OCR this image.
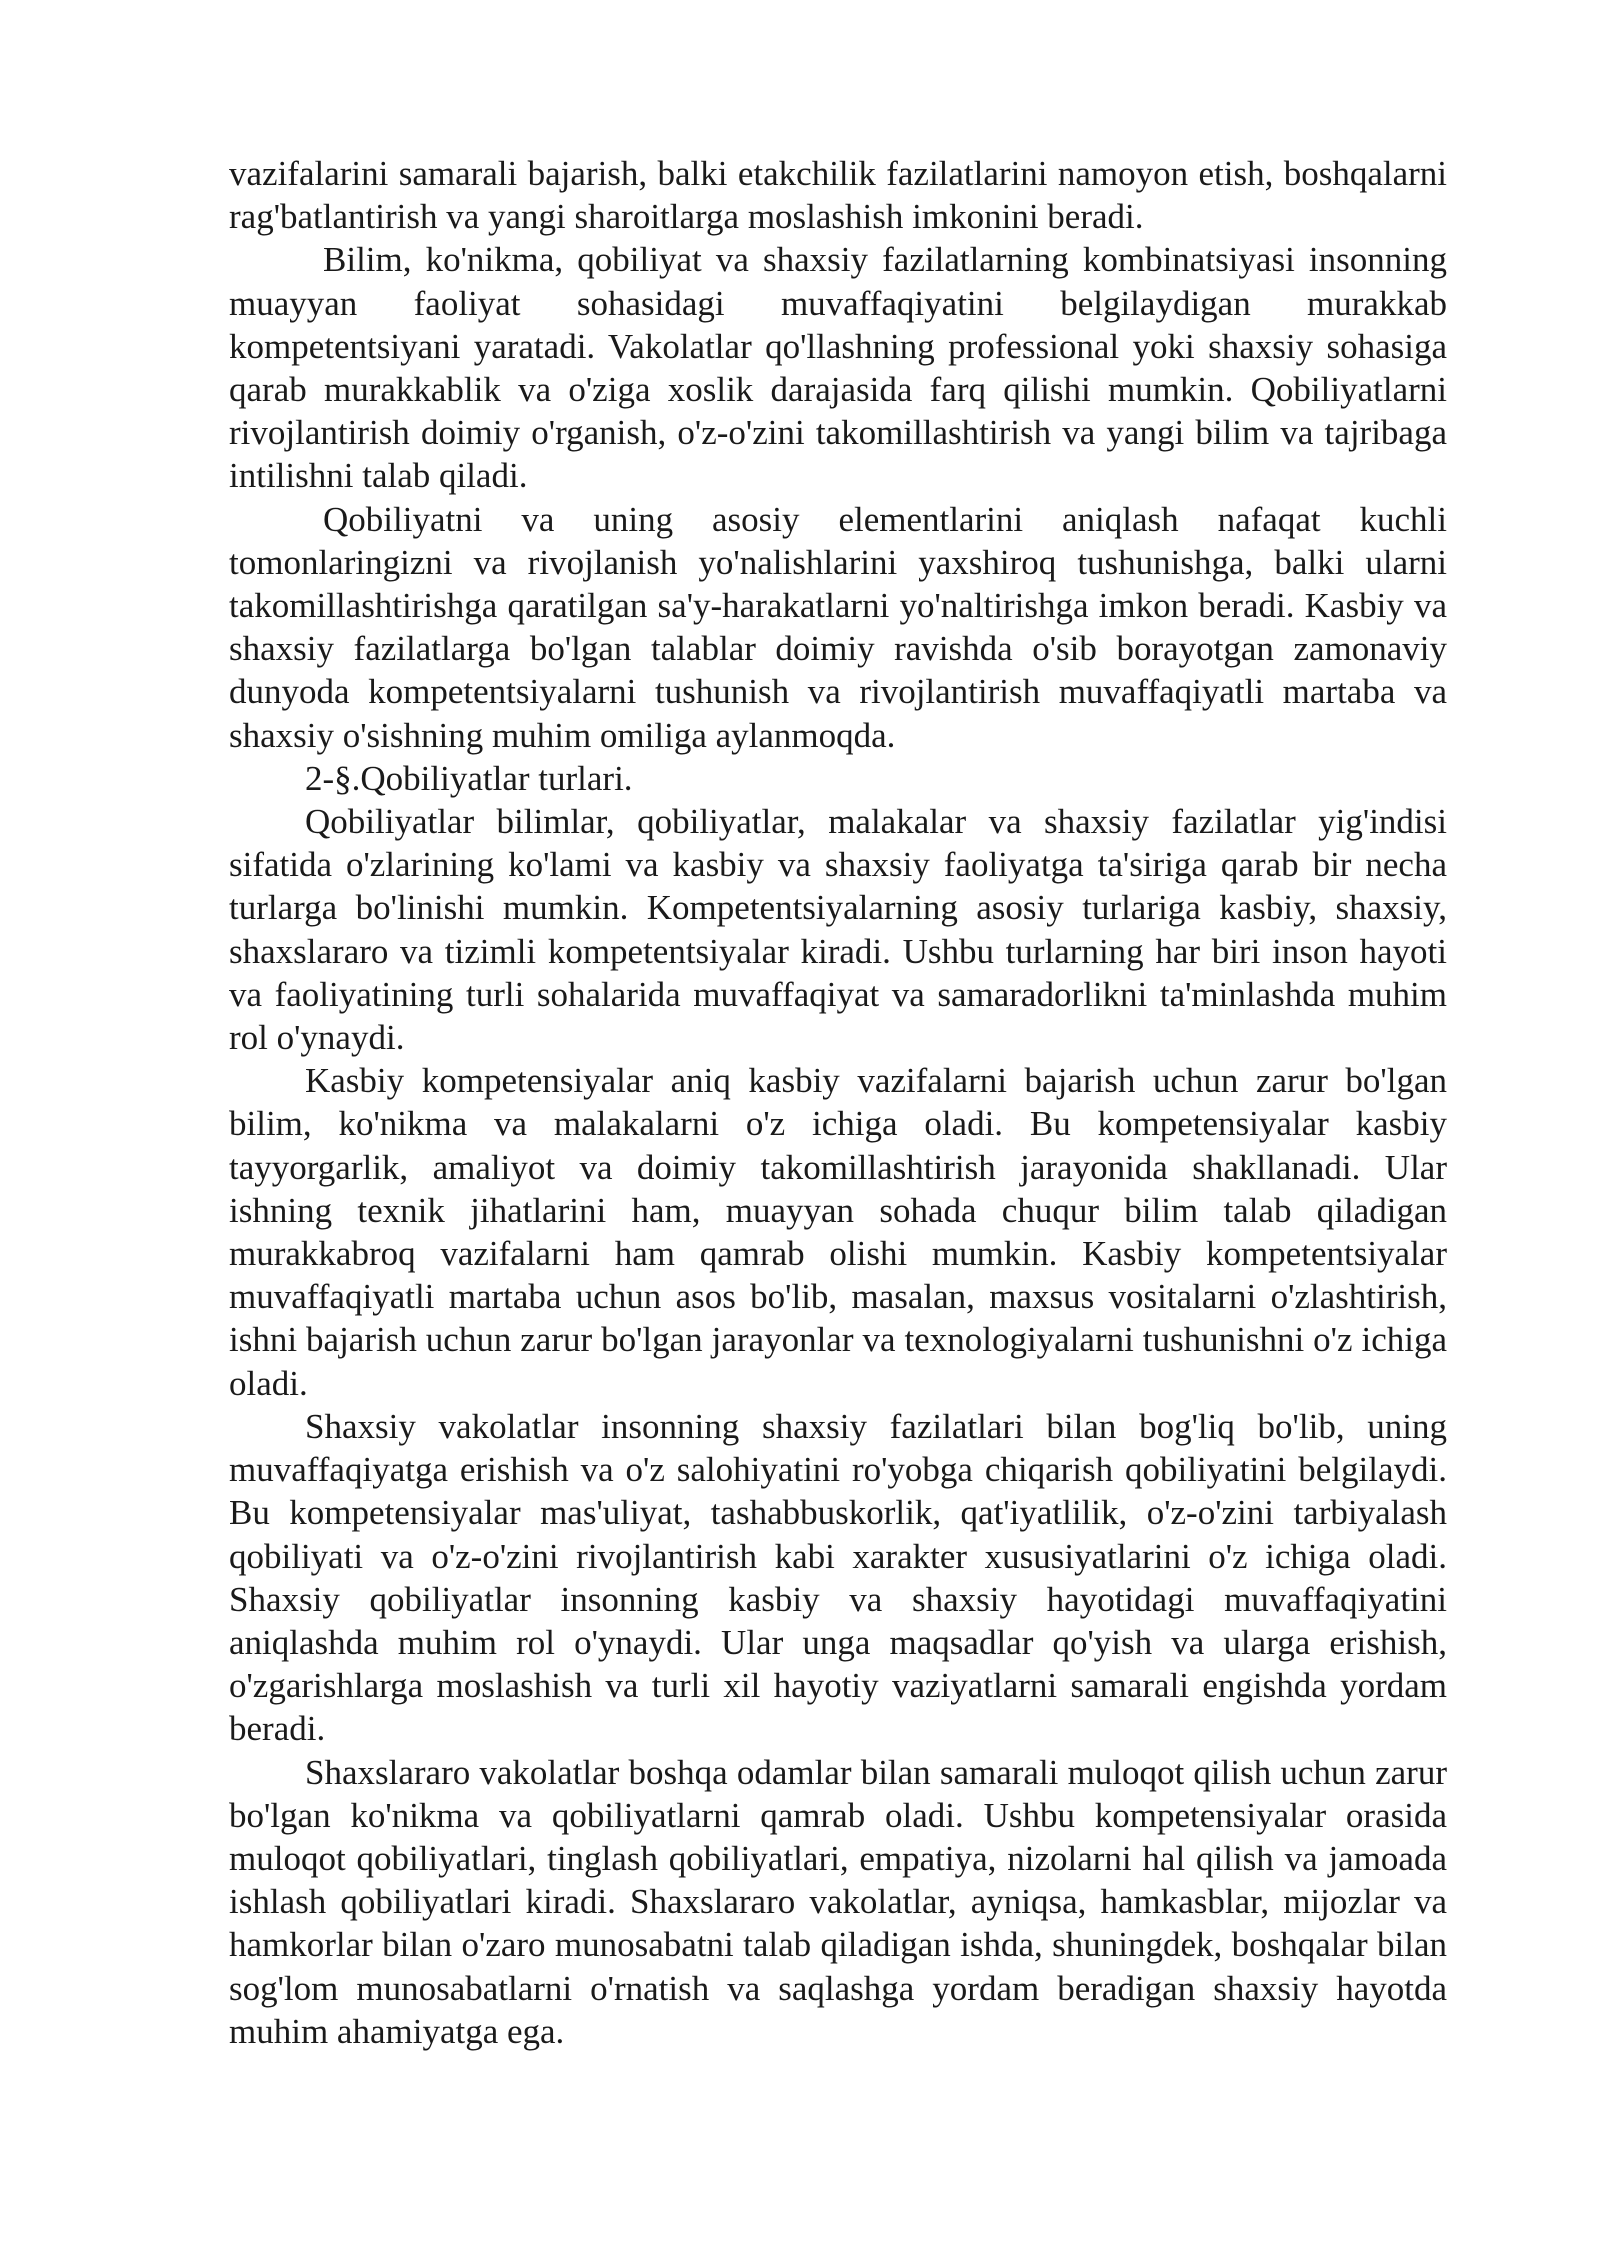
vazifalarini samarali bajarish, balki etakchilik fazilatlarini namoyon etish, boshqalarni rag'batlantirish va yangi sharoitlarga moslashish imkonini beradi.

Bilim, ko'nikma, qobiliyat va shaxsiy fazilatlarning kombinatsiyasi insonning muayyan faoliyat sohasidagi muvaffaqiyatini belgilaydigan murakkab kompetentsiyani yaratadi. Vakolatlar qo'llashning professional yoki shaxsiy sohasiga qarab murakkablik va o'ziga xoslik darajasida farq qilishi mumkin. Qobiliyatlarni rivojlantirish doimiy o'rganish, o'z-o'zini takomillashtirish va yangi bilim va tajribaga intilishni talab qiladi.

Qobiliyatni va uning asosiy elementlarini aniqlash nafaqat kuchli tomonlaringizni va rivojlanish yo'nalishlarini yaxshiroq tushunishga, balki ularni takomillashtirishga qaratilgan sa'y-harakatlarni yo'naltirishga imkon beradi. Kasbiy va shaxsiy fazilatlarga bo'lgan talablar doimiy ravishda o'sib borayotgan zamonaviy dunyoda kompetentsiyalarni tushunish va rivojlantirish muvaffaqiyatli martaba va shaxsiy o'sishning muhim omiliga aylanmoqda.

2-§.Qobiliyatlar turlari.

Qobiliyatlar bilimlar, qobiliyatlar, malakalar va shaxsiy fazilatlar yig'indisi sifatida o'zlarining ko'lami va kasbiy va shaxsiy faoliyatga ta'siriga qarab bir necha turlarga bo'linishi mumkin. Kompetentsiyalarning asosiy turlariga kasbiy, shaxsiy, shaxslararo va tizimli kompetentsiyalar kiradi. Ushbu turlarning har biri inson hayoti va faoliyatining turli sohalarida muvaffaqiyat va samaradorlikni ta'minlashda muhim rol o'ynaydi.

Kasbiy kompetensiyalar aniq kasbiy vazifalarni bajarish uchun zarur bo'lgan bilim, ko'nikma va malakalarni o'z ichiga oladi. Bu kompetensiyalar kasbiy tayyorgarlik, amaliyot va doimiy takomillashtirish jarayonida shakllanadi. Ular ishning texnik jihatlarini ham, muayyan sohada chuqur bilim talab qiladigan murakkabroq vazifalarni ham qamrab olishi mumkin. Kasbiy kompetentsiyalar muvaffaqiyatli martaba uchun asos bo'lib, masalan, maxsus vositalarni o'zlashtirish, ishni bajarish uchun zarur bo'lgan jarayonlar va texnologiyalarni tushunishni o'z ichiga oladi.

Shaxsiy vakolatlar insonning shaxsiy fazilatlari bilan bog'liq bo'lib, uning muvaffaqiyatga erishish va o'z salohiyatini ro'yobga chiqarish qobiliyatini belgilaydi. Bu kompetensiyalar mas'uliyat, tashabbuskorlik, qat'iyatlilik, o'z-o'zini tarbiyalash qobiliyati va o'z-o'zini rivojlantirish kabi xarakter xususiyatlarini o'z ichiga oladi. Shaxsiy qobiliyatlar insonning kasbiy va shaxsiy hayotidagi muvaffaqiyatini aniqlashda muhim rol o'ynaydi. Ular unga maqsadlar qo'yish va ularga erishish, o'zgarishlarga moslashish va turli xil hayotiy vaziyatlarni samarali engishda yordam beradi.

Shaxslararo vakolatlar boshqa odamlar bilan samarali muloqot qilish uchun zarur bo'lgan ko'nikma va qobiliyatlarni qamrab oladi. Ushbu kompetensiyalar orasida muloqot qobiliyatlari, tinglash qobiliyatlari, empatiya, nizolarni hal qilish va jamoada ishlash qobiliyatlari kiradi. Shaxslararo vakolatlar, ayniqsa, hamkasblar, mijozlar va hamkorlar bilan o'zaro munosabatni talab qiladigan ishda, shuningdek, boshqalar bilan sog'lom munosabatlarni o'rnatish va saqlashga yordam beradigan shaxsiy hayotda muhim ahamiyatga ega.
